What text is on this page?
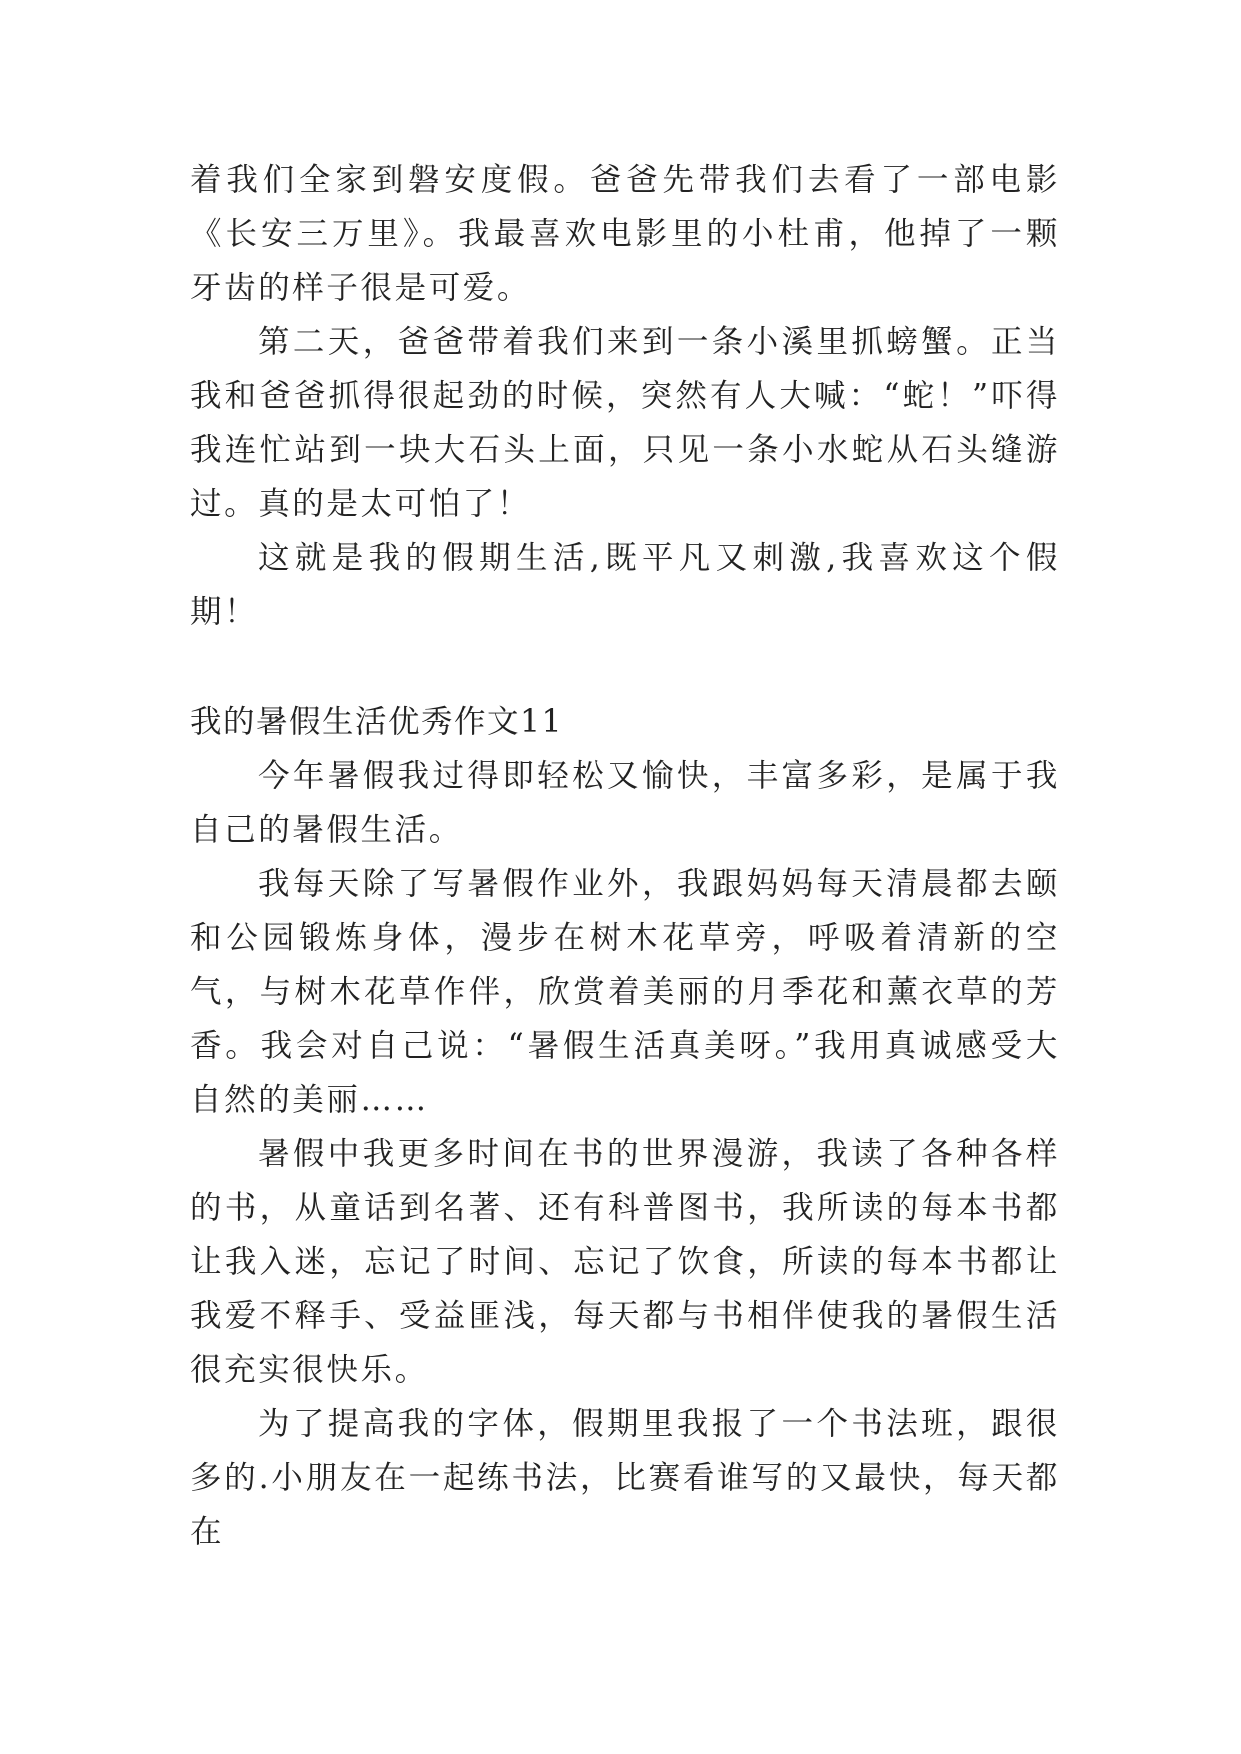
着我们全家到磐安度假。爸爸先带我们去看了一部电影《长安三万里》。我最喜欢电影里的小杜甫，他掉了一颗牙齿的样子很是可爱。

第二天，爸爸带着我们来到一条小溪里抓螃蟹。正当我和爸爸抓得很起劲的时候，突然有人大喊：“蛇！”吓得我连忙站到一块大石头上面，只见一条小水蛇从石头缝游过。真的是太可怕了！

这就是我的假期生活,既平凡又刺激,我喜欢这个假期！

我的暑假生活优秀作文11

今年暑假我过得即轻松又愉快，丰富多彩，是属于我自己的暑假生活。

我每天除了写暑假作业外，我跟妈妈每天清晨都去颐和公园锻炼身体，漫步在树木花草旁，呼吸着清新的空气，与树木花草作伴，欣赏着美丽的月季花和薰衣草的芳香。我会对自己说：“暑假生活真美呀。”我用真诚感受大自然的美丽……

暑假中我更多时间在书的世界漫游，我读了各种各样的书，从童话到名著、还有科普图书，我所读的每本书都让我入迷，忘记了时间、忘记了饮食，所读的每本书都让我爱不释手、受益匪浅，每天都与书相伴使我的暑假生活很充实很快乐。

为了提高我的字体，假期里我报了一个书法班，跟很多的.小朋友在一起练书法，比赛看谁写的又最快，每天都在
